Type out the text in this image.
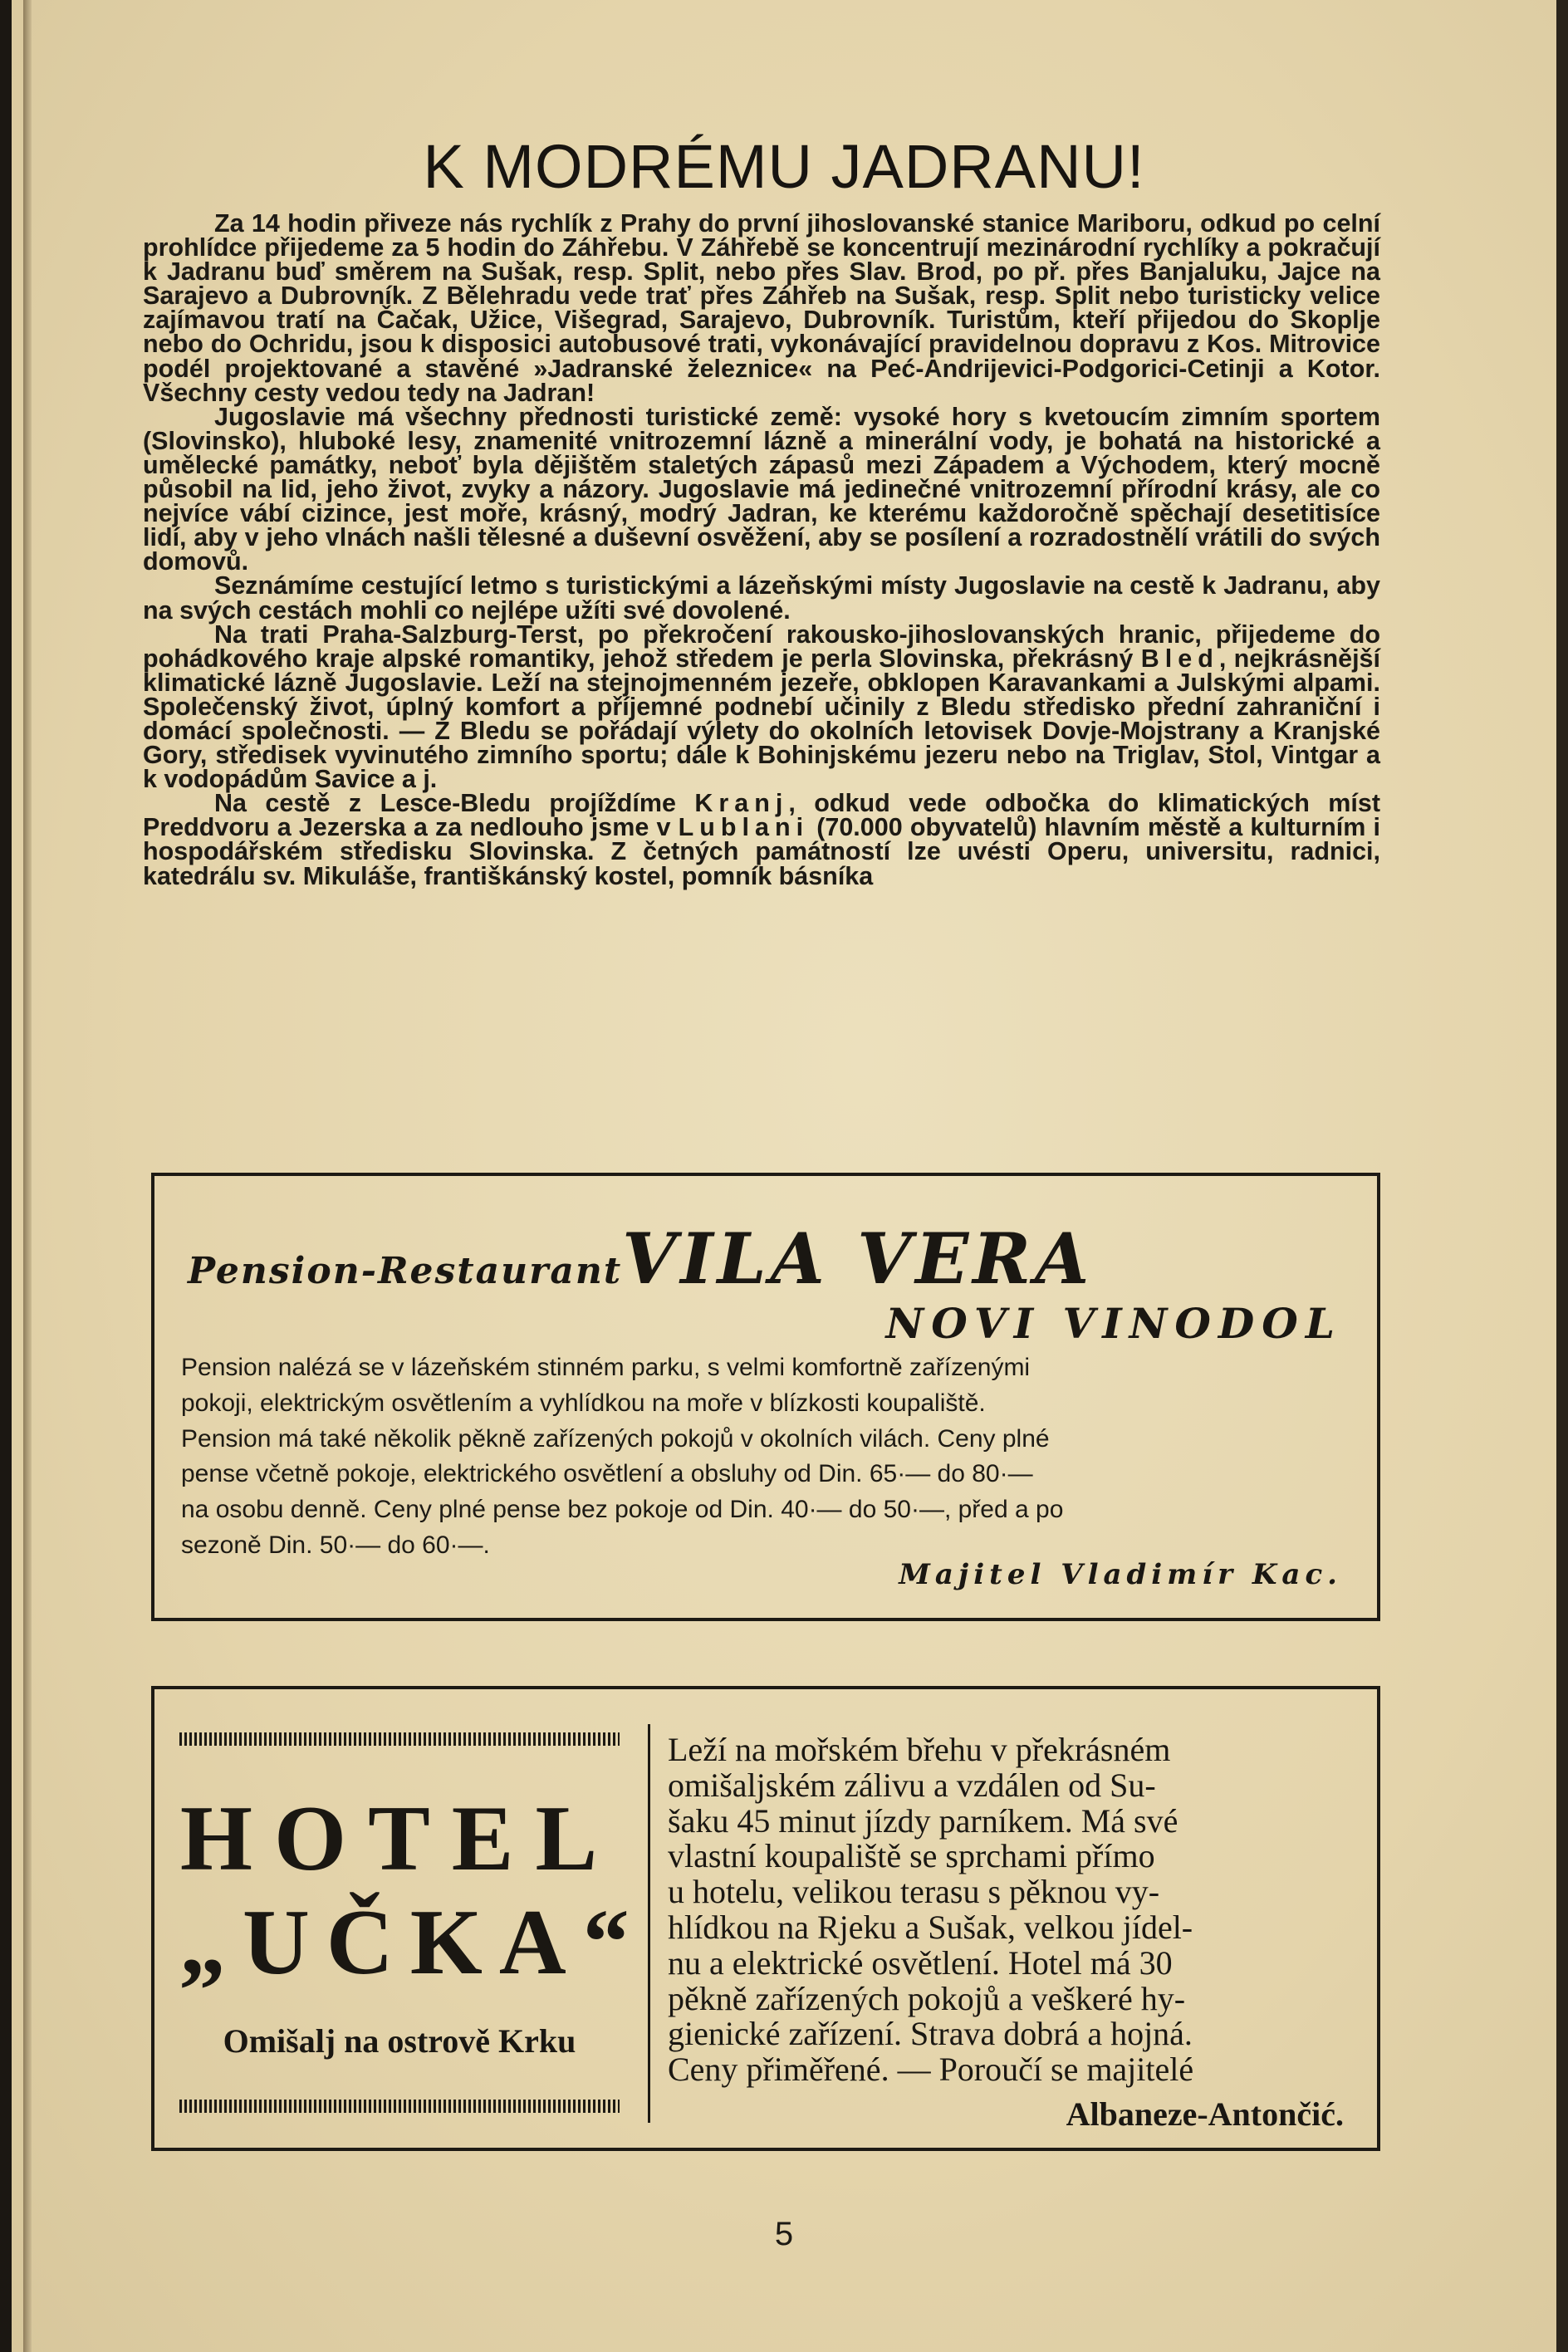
K MODRÉMU JADRANU!

Za 14 hodin přiveze nás rychlík z Prahy do první jihoslovanské stanice Mariboru, odkud po celní prohlídce přijedeme za 5 hodin do Záhřebu. V Záhřebě se koncentrují mezinárodní rychlíky a pokračují k Jadranu buď směrem na Sušak, resp. Split, nebo přes Slav. Brod, po př. přes Banjaluku, Jajce na Sarajevo a Dubrovník. Z Bělehradu vede trať přes Záhřeb na Sušak, resp. Split nebo turisticky velice zajímavou tratí na Čačak, Užice, Višegrad, Sarajevo, Dubrovník. Turistům, kteří přijedou do Skoplje nebo do Ochridu, jsou k disposici autobusové trati, vykonávající pravidelnou dopravu z Kos. Mitrovice podél projektované a stavěné »Jadranské železnice« na Peć-Andrijevici-Podgorici-Cetinji a Kotor. Všechny cesty vedou tedy na Jadran!

Jugoslavie má všechny přednosti turistické země: vysoké hory s kvetoucím zimním sportem (Slovinsko), hluboké lesy, znamenité vnitrozemní lázně a minerální vody, je bohatá na historické a umělecké památky, neboť byla dějištěm staletých zápasů mezi Západem a Východem, který mocně působil na lid, jeho život, zvyky a názory. Jugoslavie má jedinečné vnitrozemní přírodní krásy, ale co nejvíce vábí cizince, jest moře, krásný, modrý Jadran, ke kterému každoročně spěchají desetitisíce lidí, aby v jeho vlnách našli tělesné a duševní osvěžení, aby se posílení a rozradostnělí vrátili do svých domovů.

Seznámíme cestující letmo s turistickými a lázeňskými místy Jugoslavie na cestě k Jadranu, aby na svých cestách mohli co nejlépe užíti své dovolené.

Na trati Praha-Salzburg-Terst, po překročení rakousko-jihoslovanských hranic, přijedeme do pohádkového kraje alpské romantiky, jehož středem je perla Slovinska, překrásný Bled, nejkrásnější klimatické lázně Jugoslavie. Leží na stejnojmenném jezeře, obklopen Karavankami a Julskými alpami. Společenský život, úplný komfort a příjemné podnebí učinily z Bledu středisko přední zahraniční i domácí společnosti. — Z Bledu se pořádají výlety do okolních letovisek Dovje-Mojstrany a Kranjské Gory, středisek vyvinutého zimního sportu; dále k Bohinjskému jezeru nebo na Triglav, Stol, Vintgar a k vodopádům Savice a j.

Na cestě z Lesce-Bledu projíždíme Kranj, odkud vede odbočka do klimatických míst Preddvoru a Jezerska a za nedlouho jsme v Lublani (70.000 obyvatelů) hlavním městě a kulturním i hospodářském středisku Slovinska. Z četných památností lze uvésti Operu, universitu, radnici, katedrálu sv. Mikuláše, františkánský kostel, pomník básníka

Pension-RestaurantVILA VERA
NOVI VINODOL
Pension nalézá se v lázeňském stinném parku, s velmi komfortně zařízenými
pokoji, elektrickým osvětlením a vyhlídkou na moře v blízkosti koupaliště.
Pension má také několik pěkně zařízených pokojů v okolních vilách. Ceny plné
pense včetně pokoje, elektrického osvětlení a obsluhy od Din. 65·— do 80·—
na osobu denně. Ceny plné pense bez pokoje od Din. 40·— do 50·—, před a po
sezoně Din. 50·— do 60·—.
Majitel Vladimír Kac.
HOTEL
„UČKA“
Omišalj na ostrově Krku
Leží na mořském břehu v překrásném
omišaljském zálivu a vzdálen od Su-
šaku 45 minut jízdy parníkem. Má své
vlastní koupaliště se sprchami přímo
u hotelu, velikou terasu s pěknou vy-
hlídkou na Rjeku a Sušak, velkou jídel-
nu a elektrické osvětlení. Hotel má 30
pěkně zařízených pokojů a veškeré hy-
gienické zařízení. Strava dobrá a hojná.
Ceny přiměřené. — Poroučí se majitelé
Albaneze-Antončić.
5
